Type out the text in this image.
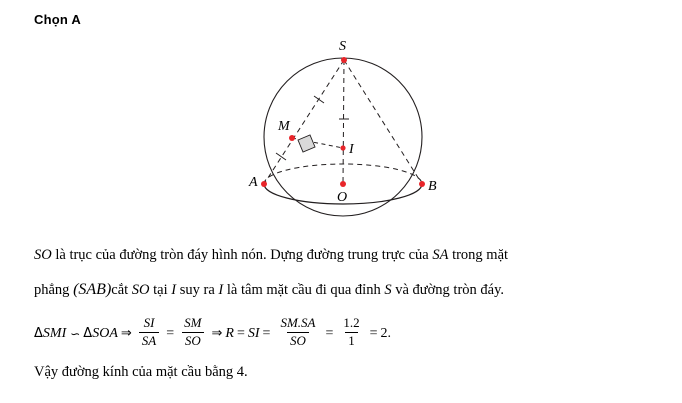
Chọn A
S
M
I
A
O
B
SO là trục của đường tròn đáy hình nón. Dựng đường trung trực của SA trong mặt
phẳng (SAB)cắt SO tại I suy ra I là tâm mặt cầu đi qua đỉnh S và đường tròn đáy.
Δ SMI ∽ Δ SOA ⇒ $\frac{SI}{SA} = \frac{SM}{SO}$ ⇒ R = SI = $\frac{SM.SA}{SO} = \frac{1.2}{1} = 2$ .
Vậy đường kính của mặt cầu bằng 4.
